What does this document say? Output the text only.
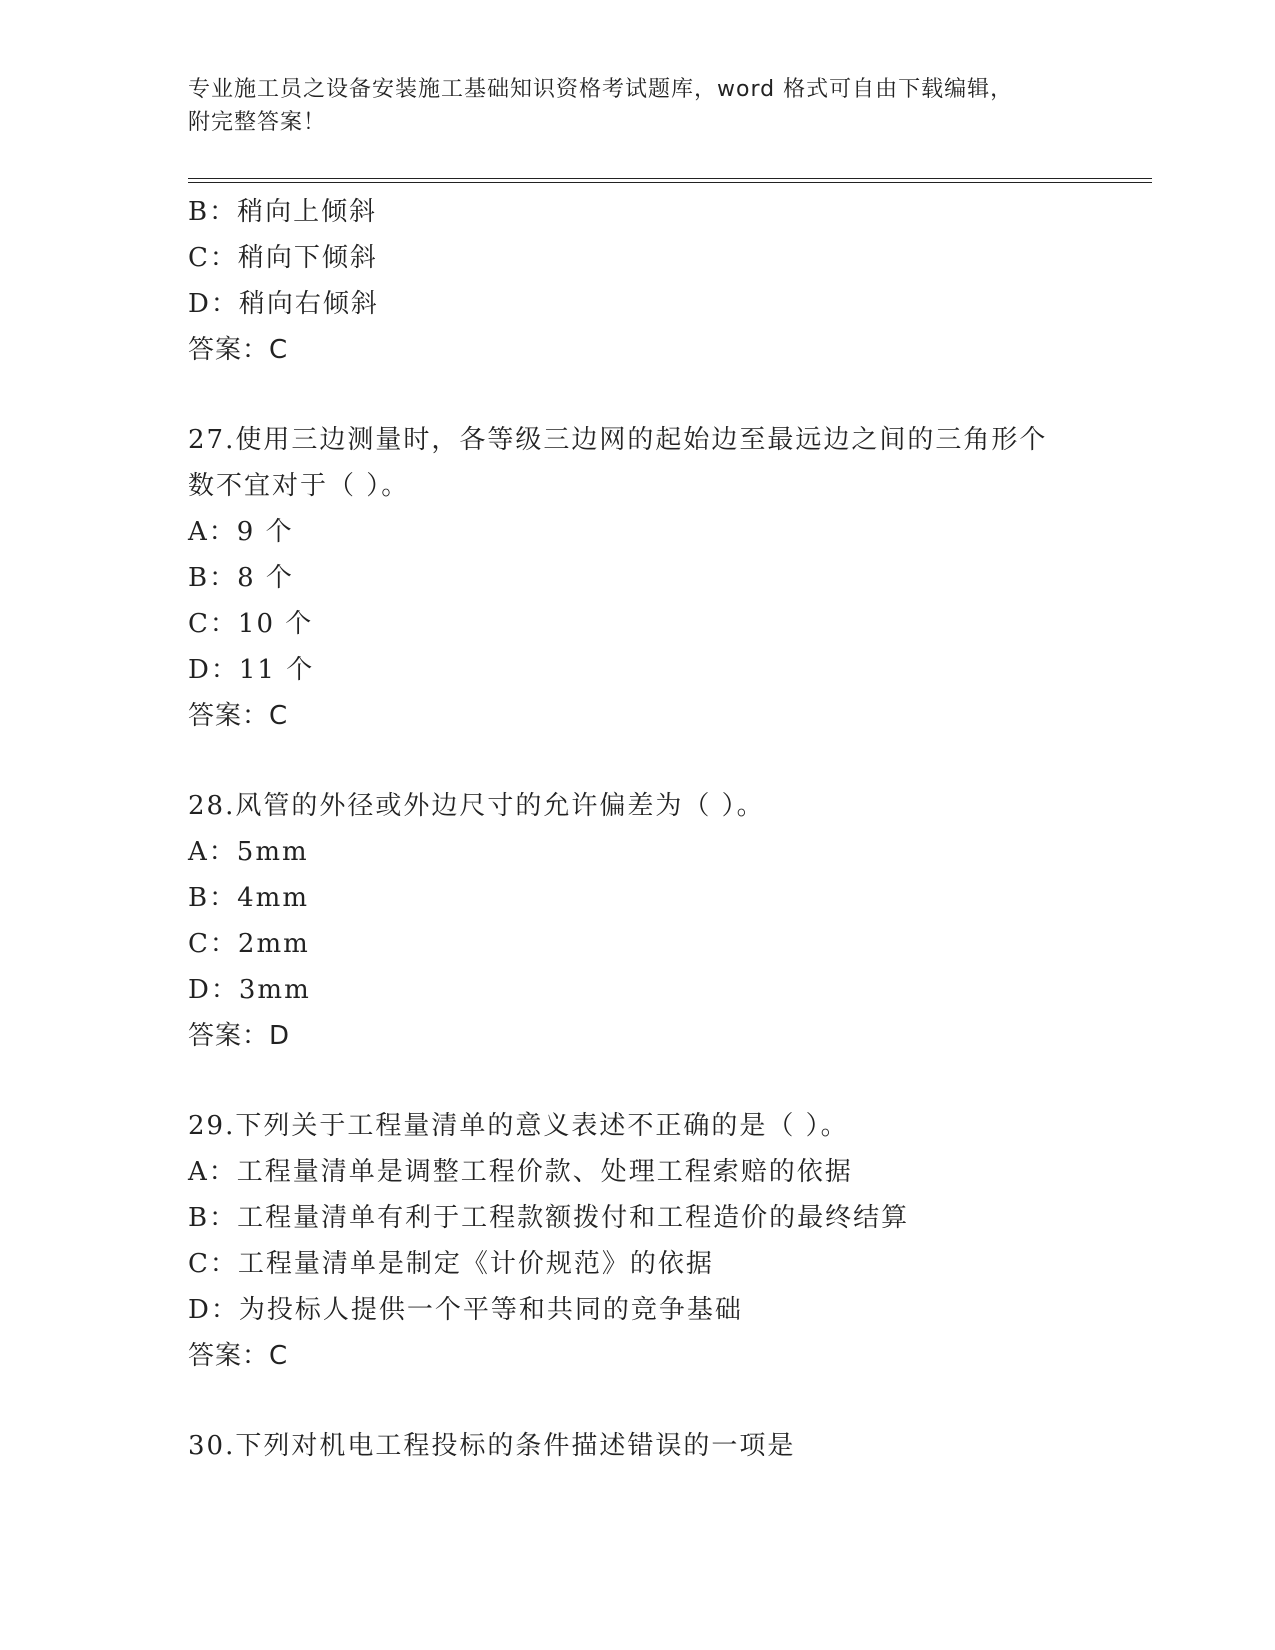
专业施工员之设备安装施工基础知识资格考试题库，word 格式可自由下载编辑，
附完整答案！
B：稍向上倾斜
C：稍向下倾斜
D：稍向右倾斜
答案：C
27.使用三边测量时，各等级三边网的起始边至最远边之间的三角形个
数不宜对于（ ）。
A：9 个
B：8 个
C：10 个
D：11 个
答案：C
28.风管的外径或外边尺寸的允许偏差为（ ）。
A：5mm
B：4mm
C：2mm
D：3mm
答案：D
29.下列关于工程量清单的意义表述不正确的是（ ）。
A：工程量清单是调整工程价款、处理工程索赔的依据
B：工程量清单有利于工程款额拨付和工程造价的最终结算
C：工程量清单是制定《计价规范》的依据
D：为投标人提供一个平等和共同的竞争基础
答案：C
30.下列对机电工程投标的条件描述错误的一项是
